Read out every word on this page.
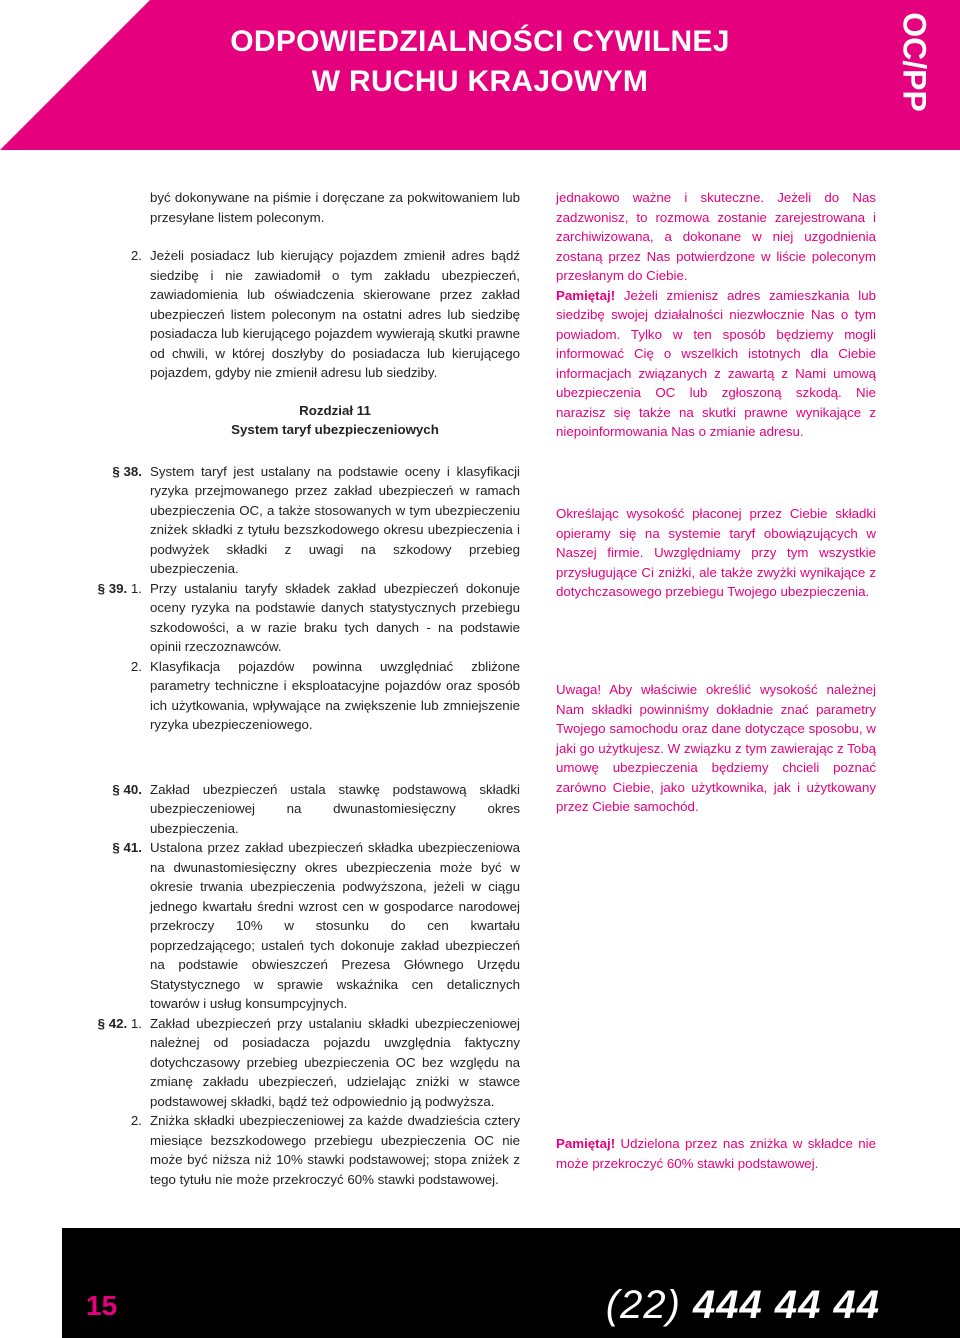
ODPOWIEDZIALNOŚCI CYWILNEJ
W RUCHU KRAJOWYM	OC/PP
być dokonywane na piśmie i doręczane za pokwitowaniem lub przesyłane listem poleconym.
2. Jeżeli posiadacz lub kierujący pojazdem zmienił adres bądź siedzibę i nie zawiadomił o tym zakładu ubezpieczeń, zawiadomienia lub oświadczenia skierowane przez zakład ubezpieczeń listem poleconym na ostatni adres lub siedzibę posiadacza lub kierującego pojazdem wywierają skutki prawne od chwili, w której doszłyby do posiadacza lub kierującego pojazdem, gdyby nie zmienił adresu lub siedziby.
Rozdział 11
System taryf ubezpieczeniowych
§ 38. System taryf jest ustalany na podstawie oceny i klasyfikacji ryzyka przejmowanego przez zakład ubezpieczeń w ramach ubezpieczenia OC, a także stosowanych w tym ubezpieczeniu zniżek składki z tytułu bezszkodowego okresu ubezpieczenia i podwyżek składki z uwagi na szkodowy przebieg ubezpieczenia.
§ 39. 1. Przy ustalaniu taryfy składek zakład ubezpieczeń dokonuje oceny ryzyka na podstawie danych statystycznych przebiegu szkodowości, a w razie braku tych danych - na podstawie opinii rzeczoznawców.
2. Klasyfikacja pojazdów powinna uwzględniać zbliżone parametry techniczne i eksploatacyjne pojazdów oraz sposób ich użytkowania, wpływające na zwiększenie lub zmniejszenie ryzyka ubezpieczeniowego.
§ 40. Zakład ubezpieczeń ustala stawkę podstawową składki ubezpieczeniowej na dwunastomiesięczny okres ubezpieczenia.
§ 41. Ustalona przez zakład ubezpieczeń składka ubezpieczeniowa na dwunastomiesięczny okres ubezpieczenia może być w okresie trwania ubezpieczenia podwyższona, jeżeli w ciągu jednego kwartału średni wzrost cen w gospodarce narodowej przekroczy 10% w stosunku do cen kwartału poprzedzającego; ustaleń tych dokonuje zakład ubezpieczeń na podstawie obwieszczeń Prezesa Głównego Urzędu Statystycznego w sprawie wskaźnika cen detalicznych towarów i usług konsumpcyjnych.
§ 42. 1. Zakład ubezpieczeń przy ustalaniu składki ubezpieczeniowej należnej od posiadacza pojazdu uwzględnia faktyczny dotychczasowy przebieg ubezpieczenia OC bez względu na zmianę zakładu ubezpieczeń, udzielając zniżki w stawce podstawowej składki, bądź też odpowiednio ją podwyższa.
2. Zniżka składki ubezpieczeniowej za każde dwadzieścia cztery miesiące bezszkodowego przebiegu ubezpieczenia OC nie może być niższa niż 10% stawki podstawowej; stopa zniżek z tego tytułu nie może przekroczyć 60% stawki podstawowej.

jednakowo ważne i skuteczne. Jeżeli do Nas zadzwonisz, to rozmowa zostanie zarejestrowana i zarchiwizowana, a dokonane w niej uzgodnienia zostaną przez Nas potwierdzone w liście poleconym przesłanym do Ciebie.

Pamiętaj! Jeżeli zmienisz adres zamieszkania lub siedzibę swojej działalności niezwłocznie Nas o tym powiadom. Tylko w ten sposób będziemy mogli informować Cię o wszelkich istotnych dla Ciebie informacjach związanych z zawartą z Nami umową ubezpieczenia OC lub zgłoszoną szkodą. Nie narazisz się także na skutki prawne wynikające z niepoinformowania Nas o zmianie adresu.

Określając wysokość płaconej przez Ciebie składki opieramy się na systemie taryf obowiązujących w Naszej firmie. Uwzględniamy przy tym wszystkie przysługujące Ci zniżki, ale także zwyżki wynikające z dotychczasowego przebiegu Twojego ubezpieczenia.

Uwaga! Aby właściwie określić wysokość należnej Nam składki powinniśmy dokładnie znać parametry Twojego samochodu oraz dane dotyczące sposobu, w jaki go użytkujesz. W związku z tym zawierając z Tobą umowę ubezpieczenia będziemy chcieli poznać zarówno Ciebie, jako użytkownika, jak i użytkowany przez Ciebie samochód.

Pamiętaj! Udzielona przez nas zniżka w składce nie może przekroczyć 60% stawki podstawowej.

15	(22) 444 44 44
